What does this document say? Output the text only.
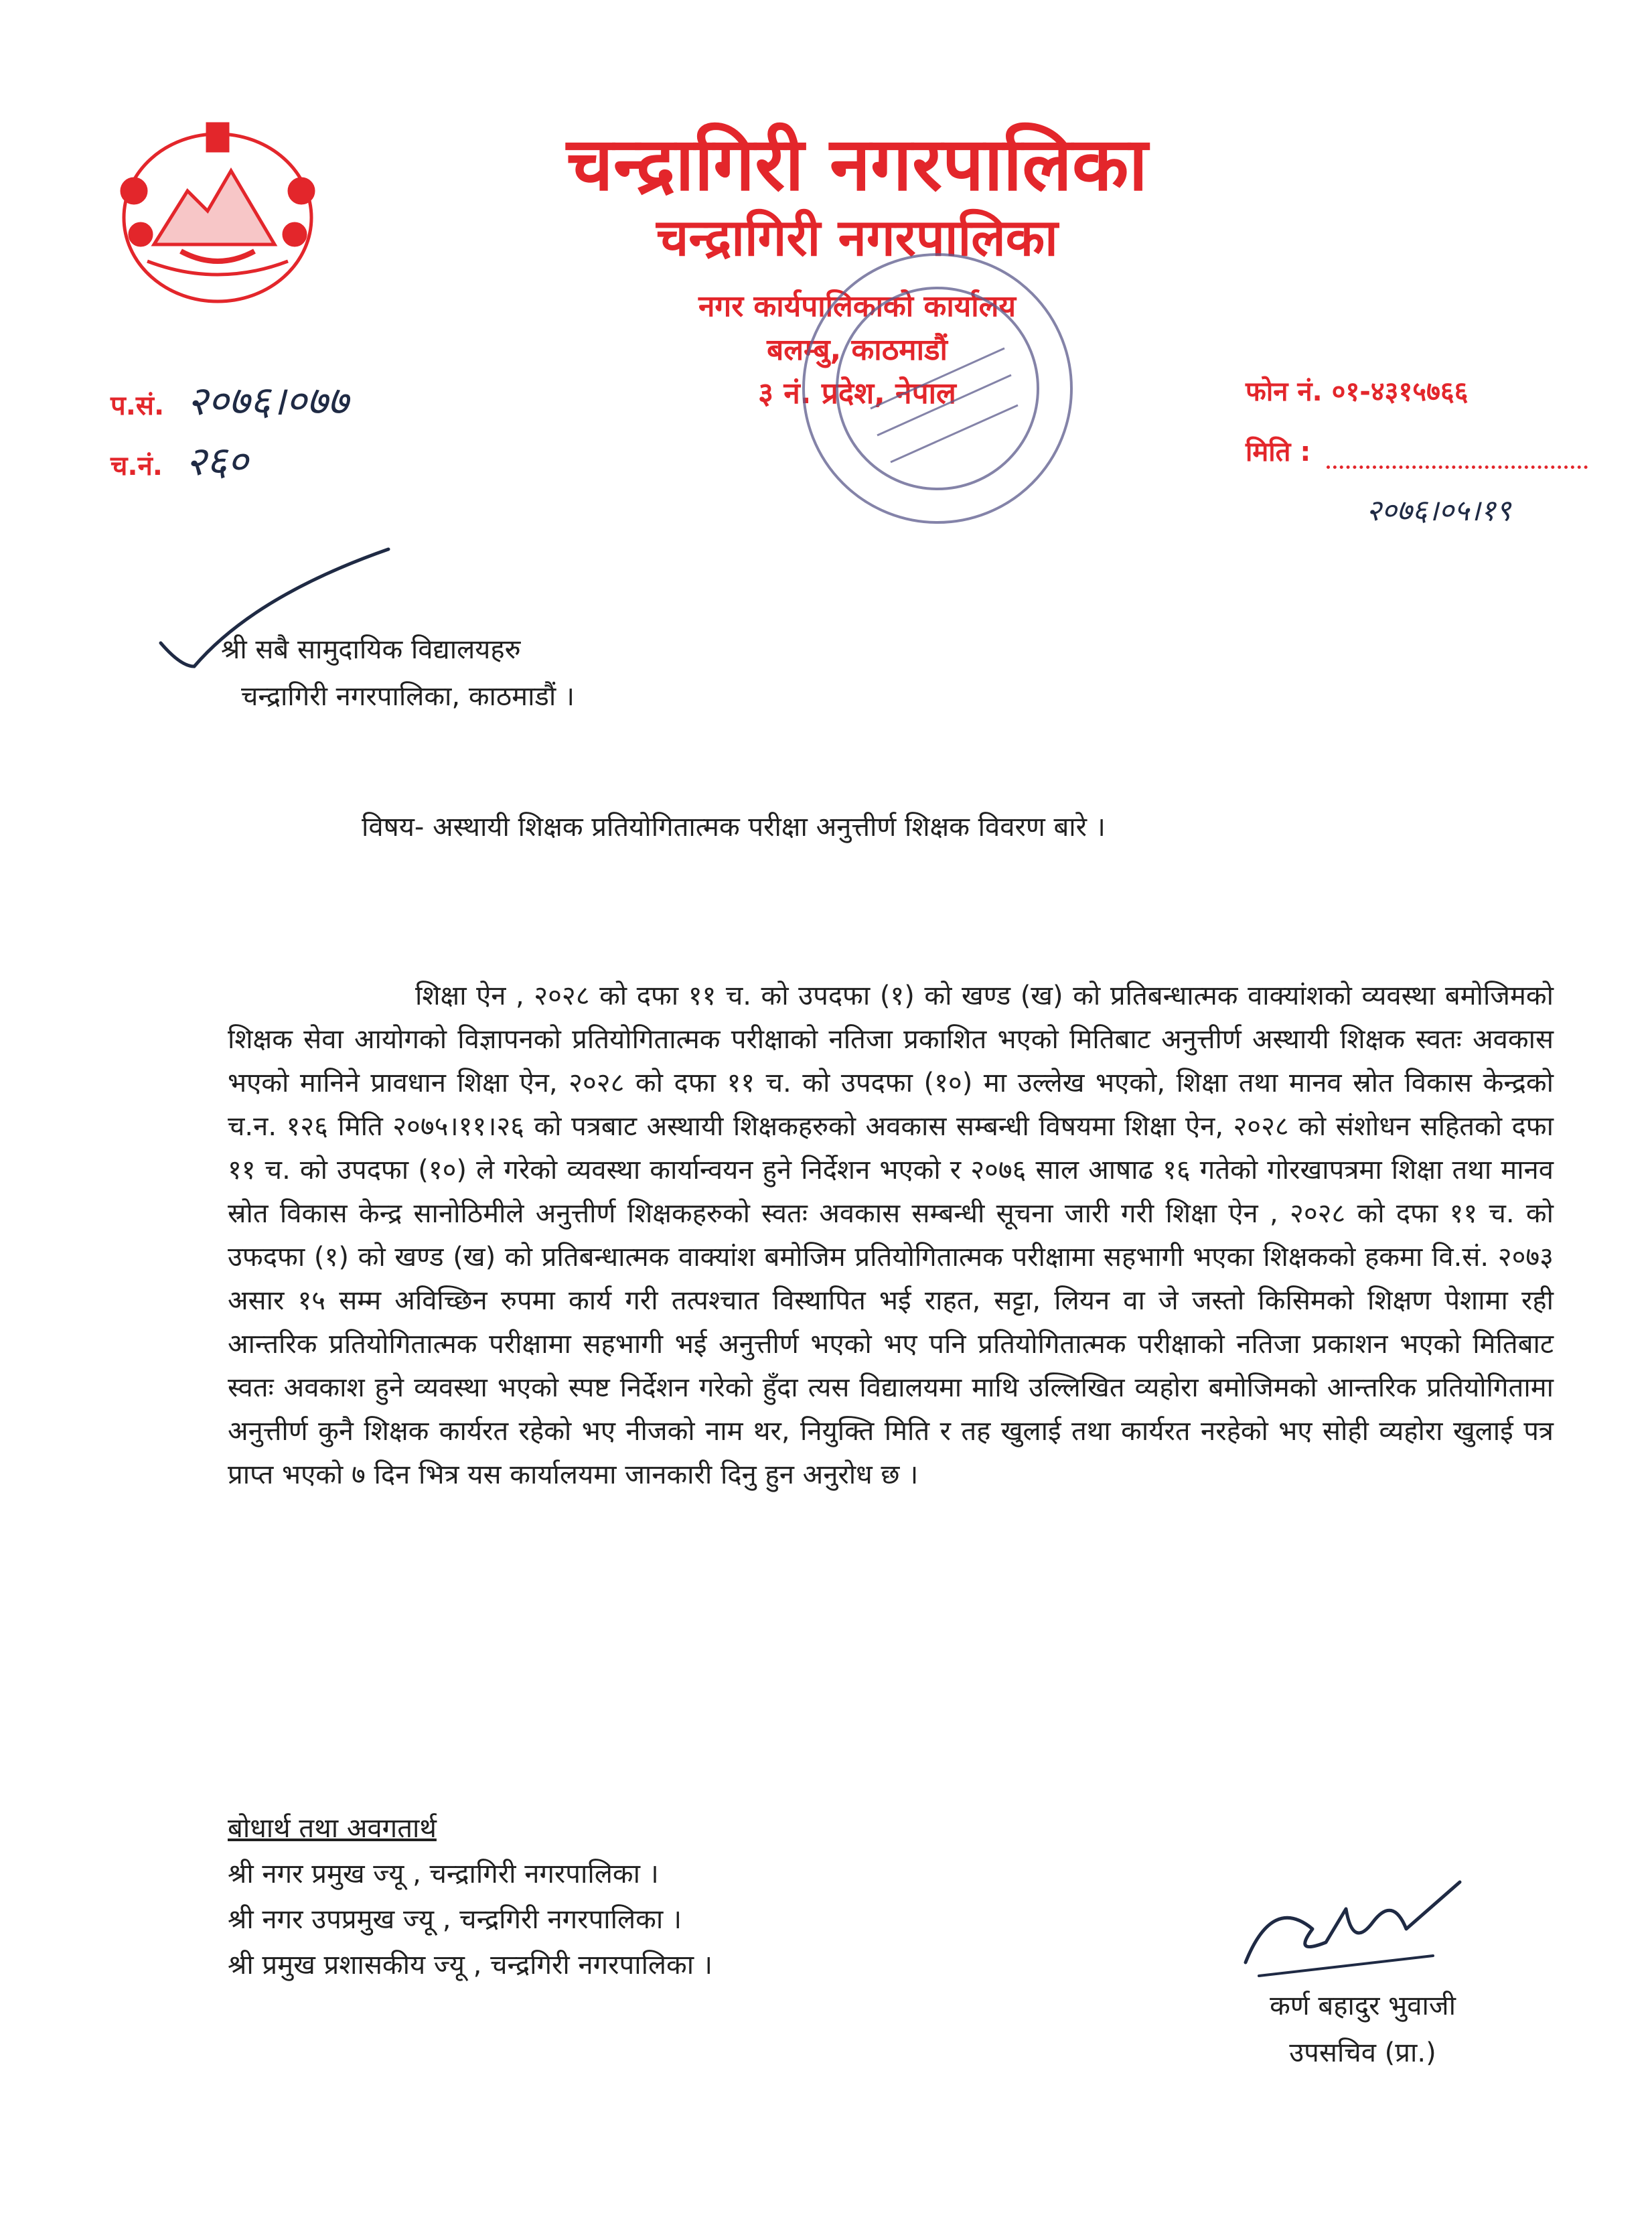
चन्द्रागिरी नगरपालिका
चन्द्रागिरी नगरपालिका
नगर कार्यपालिकाको कार्यालय
बलम्बु, काठमाडौं
३ नं. प्रदेश, नेपाल
प.सं. २०७६।०७७
च.नं. २६०
फोन नं. ०१-४३१५७६६
मिति :
२०७६।०५।१९
श्री सबै सामुदायिक विद्यालयहरु
चन्द्रागिरी नगरपालिका, काठमाडौं ।
विषय- अस्थायी शिक्षक प्रतियोगितात्मक परीक्षा अनुत्तीर्ण शिक्षक विवरण बारे ।
शिक्षा ऐन , २०२८ को दफा ११ च. को उपदफा (१) को खण्ड (ख) को प्रतिबन्धात्मक वाक्यांशको व्यवस्था बमोजिमको शिक्षक सेवा आयोगको विज्ञापनको प्रतियोगितात्मक परीक्षाको नतिजा प्रकाशित भएको मितिबाट अनुत्तीर्ण अस्थायी शिक्षक स्वतः अवकास भएको मानिने प्रावधान शिक्षा ऐन, २०२८ को दफा ११ च. को उपदफा (१०) मा उल्लेख भएको, शिक्षा तथा मानव स्रोत विकास केन्द्रको च.न. १२६ मिति २०७५।११।२६ को पत्रबाट अस्थायी शिक्षकहरुको अवकास सम्बन्धी विषयमा शिक्षा ऐन, २०२८ को संशोधन सहितको दफा ११ च. को उपदफा (१०) ले गरेको व्यवस्था कार्यान्वयन हुने निर्देशन भएको र २०७६ साल आषाढ १६ गतेको गोरखापत्रमा शिक्षा तथा मानव स्रोत विकास केन्द्र सानोठिमीले अनुत्तीर्ण शिक्षकहरुको स्वतः अवकास सम्बन्धी सूचना जारी गरी शिक्षा ऐन , २०२८ को दफा ११ च. को उफदफा (१) को खण्ड (ख) को प्रतिबन्धात्मक वाक्यांश बमोजिम प्रतियोगितात्मक परीक्षामा सहभागी भएका शिक्षकको हकमा वि.सं. २०७३ असार १५ सम्म अविच्छिन रुपमा कार्य गरी तत्पश्चात विस्थापित भई राहत, सट्टा, लियन वा जे जस्तो किसिमको शिक्षण पेशामा रही आन्तरिक प्रतियोगितात्मक परीक्षामा सहभागी भई अनुत्तीर्ण भएको भए पनि प्रतियोगितात्मक परीक्षाको नतिजा प्रकाशन भएको मितिबाट स्वतः अवकाश हुने व्यवस्था भएको स्पष्ट निर्देशन गरेको हुँदा त्यस विद्यालयमा माथि उल्लिखित व्यहोरा बमोजिमको आन्तरिक प्रतियोगितामा अनुत्तीर्ण कुनै शिक्षक कार्यरत रहेको भए नीजको नाम थर, नियुक्ति मिति र तह खुलाई तथा कार्यरत नरहेको भए सोही व्यहोरा खुलाई पत्र प्राप्त भएको ७ दिन भित्र यस कार्यालयमा जानकारी दिनु हुन अनुरोध छ ।
बोधार्थ तथा अवगतार्थ
श्री नगर प्रमुख ज्यू , चन्द्रागिरी नगरपालिका ।
श्री नगर उपप्रमुख ज्यू , चन्द्रगिरी नगरपालिका ।
श्री प्रमुख प्रशासकीय ज्यू , चन्द्रगिरी नगरपालिका ।
कर्ण बहादुर भुवाजी
उपसचिव (प्रा.)
